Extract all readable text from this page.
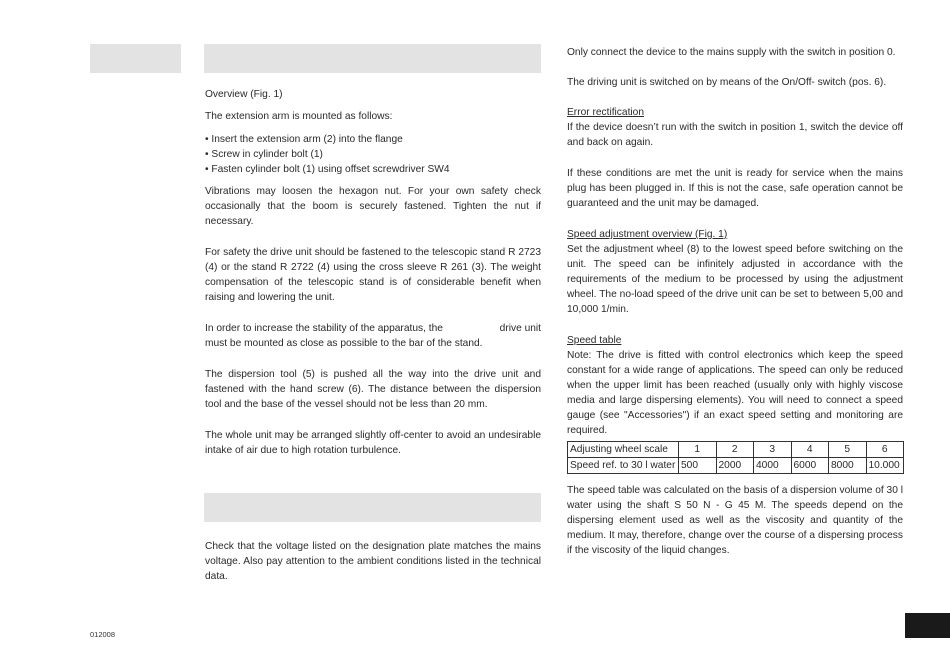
Overview (Fig. 1)

The extension arm is mounted as follows:

• Insert the extension arm (2) into the flange

• Screw in cylinder bolt (1)

• Fasten cylinder bolt (1) using offset screwdriver SW4

Vibrations may loosen the hexagon nut. For your own safety check occasionally that the boom is securely fastened. Tighten the nut if necessary.

For safety the drive unit should be fastened to the telescopic stand R 2723 (4) or the stand R 2722 (4) using the cross sleeve R 261 (3). The weight compensation of the telescopic stand is of considerable benefit when raising and lowering the unit.

In order to increase the stability of the apparatus, the                    drive unit must be mounted as close as possible to the bar of the stand.

The dispersion tool (5) is pushed all the way into the drive unit and fastened with the hand screw (6). The distance between the dispersion tool and the base of the vessel should not be less than 20 mm.

The whole unit may be arranged slightly off-center to avoid an undesirable intake of air due to high rotation turbulence.

Check that the voltage listed on the designation plate matches the mains voltage. Also pay attention to the ambient conditions listed in the technical data.

Only connect the device to the mains supply with the switch in position 0.

The driving unit is switched on by means of the On/Off- switch (pos. 6).

Error rectification

If the device doesn’t run with the switch in position 1, switch the device off and back on again.

If these conditions are met the unit is ready for service when the mains plug has been plugged in. If this is not the case, safe operation cannot be guaranteed and the unit may be damaged.

Speed adjustment overview (Fig. 1)

Set the adjustment wheel (8) to the lowest speed before switching on the unit. The speed can be infinitely adjusted in accordance with the requirements of the medium to be processed by using the adjustment wheel. The no-load speed of the drive unit can be set to between 5,00 and 10,000 1/min.

Speed table

Note: The drive is fitted with control electronics which keep the speed constant for a wide range of applications. The speed can only be reduced when the upper limit has been reached (usually only with highly viscose media and large dispersing elements). You will need to connect a speed gauge (see "Accessories") if an exact speed setting and monitoring are required.

Adjusting wheel scale	1	2	3	4	5	6
Speed ref. to 30 l water	500	2000	4000	6000	8000	10.000

The speed table was calculated on the basis of a dispersion volume of 30 l water using the shaft S 50 N - G 45 M. The speeds depend on the dispersing element used as well as the viscosity and quantity of the medium. It may, therefore, change over the course of a dispersing process if the viscosity of the liquid changes.

012008
